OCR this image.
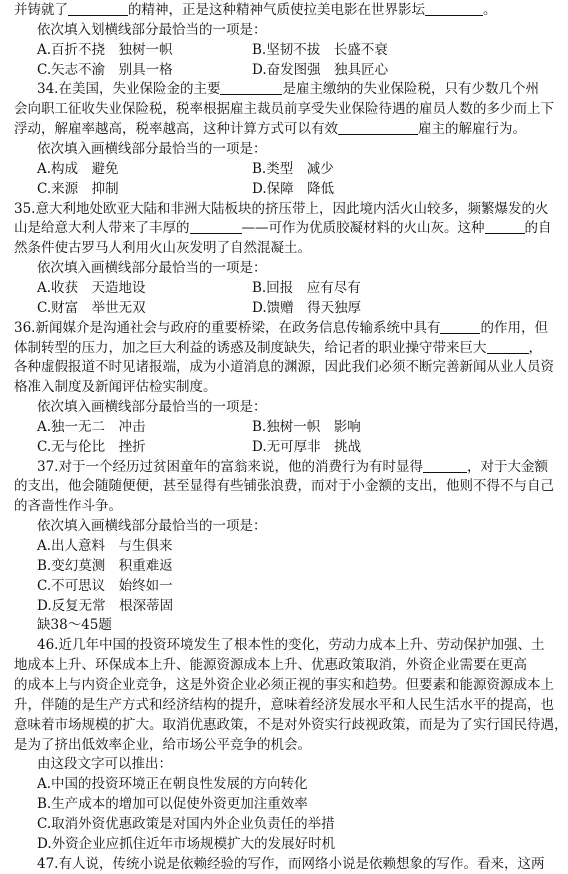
并铸就了	的精神，正是这种精神气质使拉美电影在世界影坛	。
依次填入划横线部分最恰当的一项是：
A.百折不挠　独树一帜	B.坚韧不拔　长盛不衰
C.矢志不渝　别具一格	D.奋发图强　独具匠心
34.在美国，失业保险金的主要	是雇主缴纳的失业保险税，只有少数几个州
会向职工征收失业保险税，税率根据雇主裁员前享受失业保险待遇的雇员人数的多少而上下
浮动，解雇率越高，税率越高，这种计算方式可以有效	雇主的解雇行为。
依次填入画横线部分最恰当的一项是：
A.构成　避免	B.类型　减少
C.来源　抑制	D.保障　降低
35.意大利地处欧亚大陆和非洲大陆板块的挤压带上，因此境内活火山较多，频繁爆发的火
山是给意大利人带来了丰厚的	——可作为优质胶凝材料的火山灰。这种	的自
然条件使古罗马人利用火山灰发明了自然混凝土。
依次填入画横线部分最恰当的一项是：
A.收获　天造地设	B.回报　应有尽有
C.财富　举世无双	D.馈赠　得天独厚
36.新闻媒介是沟通社会与政府的重要桥梁，在政务信息传输系统中具有	的作用，但
体制转型的压力，加之巨大利益的诱惑及制度缺失，给记者的职业操守带来巨大	，
各种虚假报道不时见诸报端，成为小道消息的渊源，因此我们必须不断完善新闻从业人员资
格准入制度及新闻评估检实制度。
依次填入画横线部分最恰当的一项是：
A.独一无二　冲击	B.独树一帜　影响
C.无与伦比　挫折	D.无可厚非　挑战
37.对于一个经历过贫困童年的富翁来说，他的消费行为有时显得	，对于大金额
的支出，他会随随便便，甚至显得有些铺张浪费，而对于小金额的支出，他则不得不与自己
的吝啬性作斗争。
依次填入画横线部分最恰当的一项是：
A.出人意料　与生俱来
B.变幻莫测　积重难返
C.不可思议　始终如一
D.反复无常　根深蒂固
缺38～45题
46.近几年中国的投资环境发生了根本性的变化，劳动力成本上升、劳动保护加强、土
地成本上升、环保成本上升、能源资源成本上升、优惠政策取消，外资企业需要在更高
的成本上与内资企业竞争，这是外资企业必须正视的事实和趋势。但要素和能源资源成本上
升，伴随的是生产方式和经济结构的提升，意味着经济发展水平和人民生活水平的提高，也
意味着市场规模的扩大。取消优惠政策，不是对外资实行歧视政策，而是为了实行国民待遇，
是为了挤出低效率企业，给市场公平竞争的机会。
由这段文字可以推出：
A.中国的投资环境正在朝良性发展的方向转化
B.生产成本的增加可以促使外资更加注重效率
C.取消外资优惠政策是对国内外企业负责任的举措
D.外资企业应抓住近年市场规模扩大的发展好时机
47.有人说，传统小说是依赖经验的写作，而网络小说是依赖想象的写作。看来，这两
